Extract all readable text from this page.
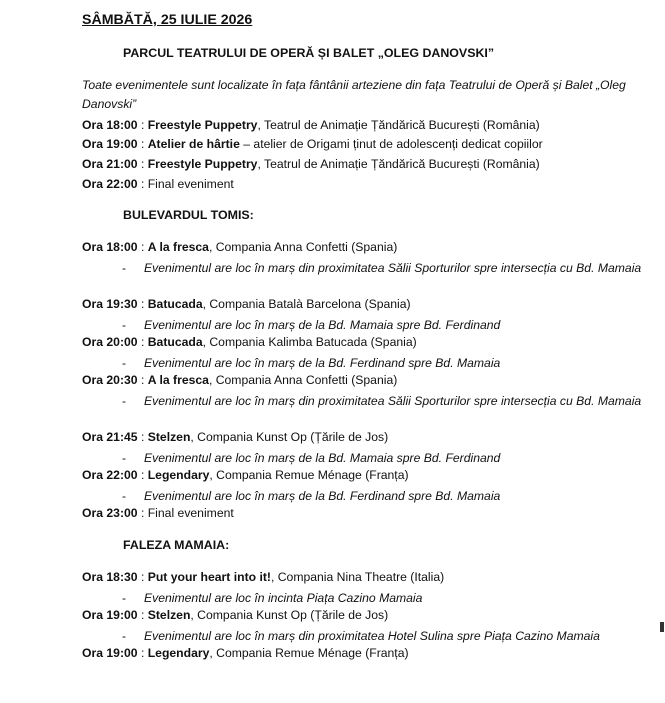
SÂMBĂTĂ, 25 IULIE 2026
PARCUL TEATRULUI DE OPERĂ ȘI BALET „OLEG DANOVSKI”
Toate evenimentele sunt localizate în fața fântânii arteziene din fața Teatrului de Operă și Balet „Oleg Danovski”
Ora 18:00 : Freestyle Puppetry, Teatrul de Animație Țăndărică București (România)
Ora 19:00 : Atelier de hârtie – atelier de Origami ținut de adolescenți dedicat copiilor
Ora 21:00 : Freestyle Puppetry, Teatrul de Animație Țăndărică București (România)
Ora 22:00 : Final eveniment
BULEVARDUL TOMIS:
Ora 18:00 : A la fresca, Compania Anna Confetti (Spania)
- Evenimentul are loc în marș din proximitatea Sălii Sporturilor spre intersecția cu Bd. Mamaia
Ora 19:30 : Batucada, Compania Batalà Barcelona (Spania)
- Evenimentul are loc în marș de la Bd. Mamaia spre Bd. Ferdinand
Ora 20:00 : Batucada, Compania Kalimba Batucada (Spania)
- Evenimentul are loc în marș de la Bd. Ferdinand spre Bd. Mamaia
Ora 20:30 : A la fresca, Compania Anna Confetti (Spania)
- Evenimentul are loc în marș din proximitatea Sălii Sporturilor spre intersecția cu Bd. Mamaia
Ora 21:45 : Stelzen, Compania Kunst Op (Țările de Jos)
- Evenimentul are loc în marș de la Bd. Mamaia spre Bd. Ferdinand
Ora 22:00 : Legendary, Compania Remue Ménage (Franța)
- Evenimentul are loc în marș de la Bd. Ferdinand spre Bd. Mamaia
Ora 23:00 : Final eveniment
FALEZA MAMAIA:
Ora 18:30 : Put your heart into it!, Compania Nina Theatre (Italia)
- Evenimentul are loc în incinta Piața Cazino Mamaia
Ora 19:00 : Stelzen, Compania Kunst Op (Țările de Jos)
- Evenimentul are loc în marș din proximitatea Hotel Sulina spre Piața Cazino Mamaia
Ora 19:00 : Legendary, Compania Remue Ménage (Franța)
